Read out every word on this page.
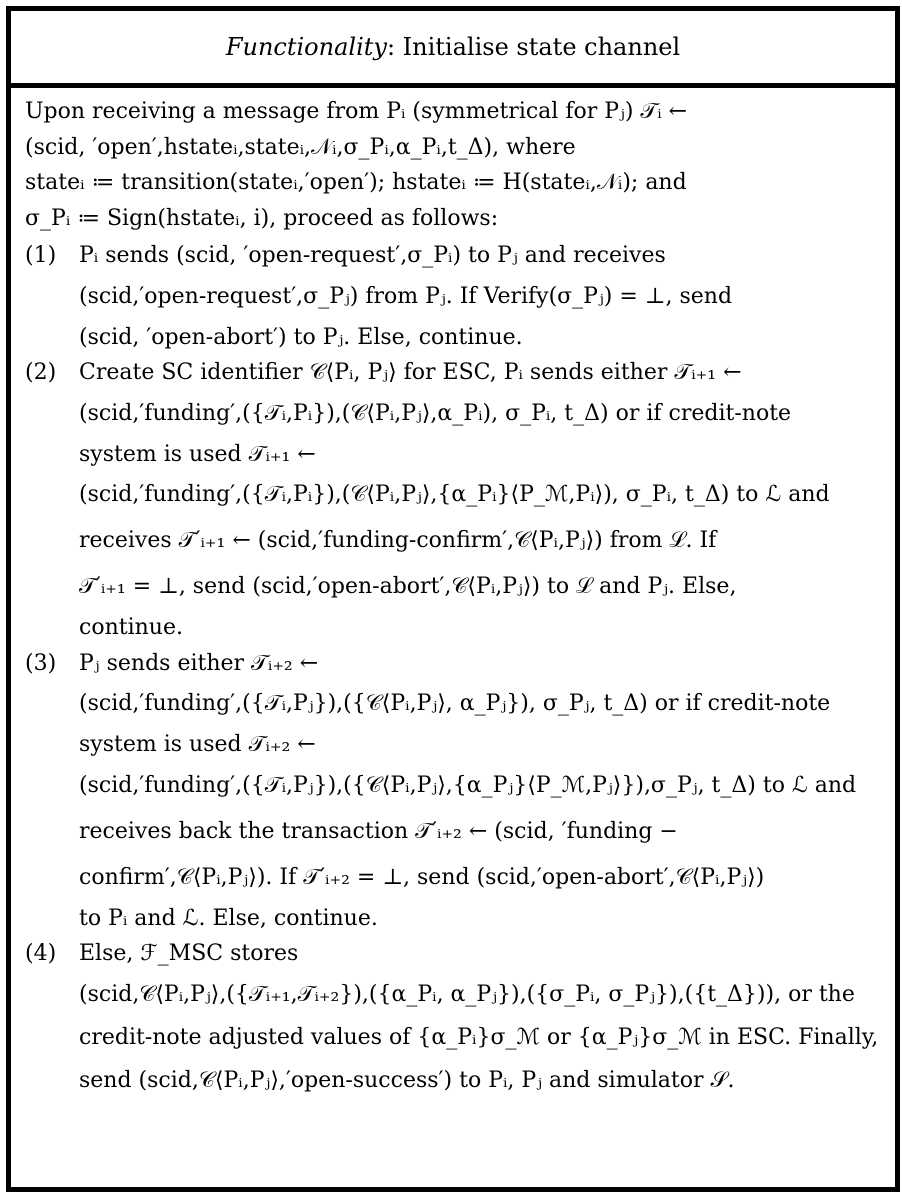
Functionality : Initialise state channel
Upon receiving a message from Pᵢ (symmetrical for Pⱼ) 𝒯ᵢ ←
(scid, ′open′,hstateᵢ,stateᵢ,𝒩ᵢ,σ_Pᵢ,α_Pᵢ,t_Δ), where
stateᵢ ≔ transition(stateᵢ,′open′); hstateᵢ ≔ H(stateᵢ,𝒩ᵢ); and
σ_Pᵢ ≔ Sign(hstateᵢ, i), proceed as follows:
(1)	Pᵢ sends (scid, ′open-request′,σ_Pᵢ) to Pⱼ and receives
(scid,′open-request′,σ_Pⱼ) from Pⱼ. If Verify(σ_Pⱼ) = ⊥, send
(scid, ′open-abort′) to Pⱼ. Else, continue.
(2)	Create SC identifier 𝒞⟨Pᵢ, Pⱼ⟩ for ESC, Pᵢ sends either 𝒯ᵢ₊₁ ←
(scid,′funding′,({𝒯ᵢ,Pᵢ}),(𝒞⟨Pᵢ,Pⱼ⟩,α_Pᵢ), σ_Pᵢ, t_Δ) or if credit-note
system is used 𝒯ᵢ₊₁ ←
(scid,′funding′,({𝒯ᵢ,Pᵢ}),(𝒞⟨Pᵢ,Pⱼ⟩,{α_Pᵢ}⟨P_ℳ,Pᵢ⟩), σ_Pᵢ, t_Δ) to ℒ and
receives 𝒯′ᵢ₊₁ ← (scid,′funding-confirm′,𝒞⟨Pᵢ,Pⱼ⟩) from ℒ. If
𝒯′ᵢ₊₁ = ⊥, send (scid,′open-abort′,𝒞⟨Pᵢ,Pⱼ⟩) to ℒ and Pⱼ. Else,
continue.
(3)	Pⱼ sends either 𝒯ᵢ₊₂ ←
(scid,′funding′,({𝒯ᵢ,Pⱼ}),({𝒞⟨Pᵢ,Pⱼ⟩, α_Pⱼ}), σ_Pⱼ, t_Δ) or if credit-note
system is used 𝒯ᵢ₊₂ ←
(scid,′funding′,({𝒯ᵢ,Pⱼ}),({𝒞⟨Pᵢ,Pⱼ⟩,{α_Pⱼ}⟨P_ℳ,Pⱼ⟩}),σ_Pⱼ, t_Δ) to ℒ and
receives back the transaction 𝒯′ᵢ₊₂ ← (scid, ′funding −
confirm′,𝒞⟨Pᵢ,Pⱼ⟩). If 𝒯′ᵢ₊₂ = ⊥, send (scid,′open-abort′,𝒞⟨Pᵢ,Pⱼ⟩)
to Pᵢ and ℒ. Else, continue.
(4)	Else, ℱ_MSC stores
(scid,𝒞⟨Pᵢ,Pⱼ⟩,({𝒯ᵢ₊₁,𝒯ᵢ₊₂}),({α_Pᵢ, α_Pⱼ}),({σ_Pᵢ, σ_Pⱼ}),({t_Δ})), or the
credit-note adjusted values of {α_Pᵢ}σ_ℳ or {α_Pⱼ}σ_ℳ in ESC. Finally,
send (scid,𝒞⟨Pᵢ,Pⱼ⟩,′open-success′) to Pᵢ, Pⱼ and simulator 𝒮.
